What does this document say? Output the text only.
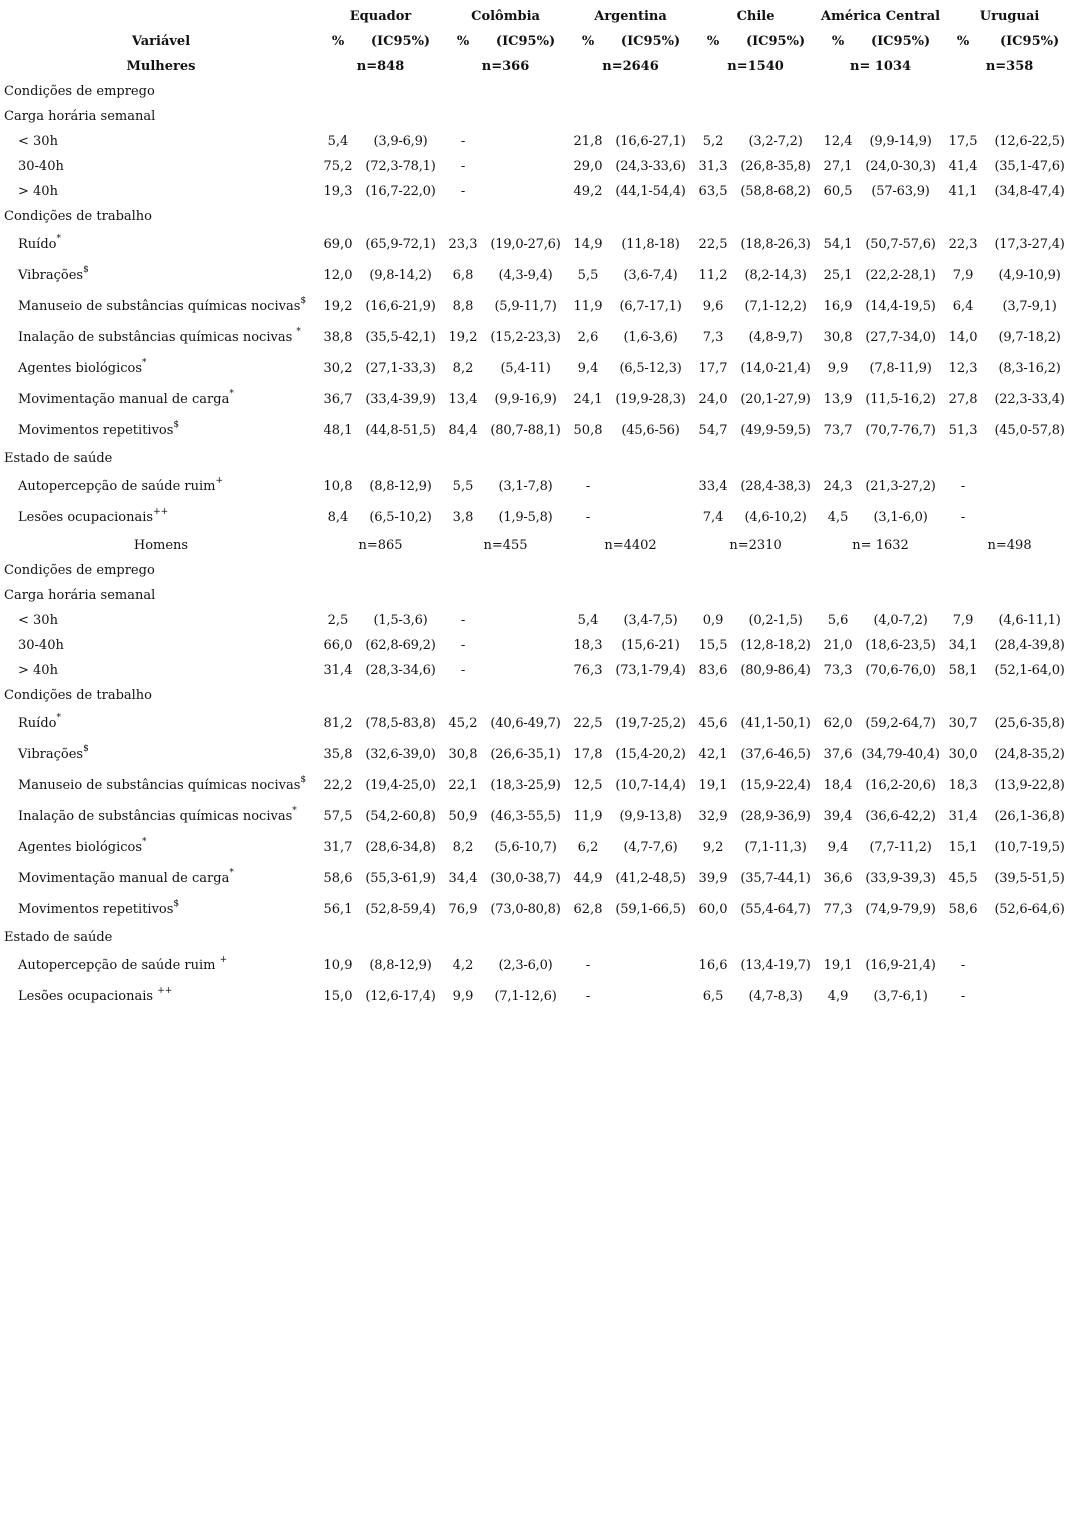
	Equador		Colômbia		Argentina		Chile		América Central		Uruguai	
Variável	%	(IC95%)	%	(IC95%)	%	(IC95%)	%	(IC95%)	%	(IC95%)	%	(IC95%)
Mulheres	n=848		n=366		n=2646		n=1540		n= 1034		n=358	
Condições de emprego												
Carga horária semanal												
< 30h	5,4	(3,9-6,9)	-		21,8	(16,6-27,1)	5,2	(3,2-7,2)	12,4	(9,9-14,9)	17,5	(12,6-22,5)
30-40h	75,2	(72,3-78,1)	-		29,0	(24,3-33,6)	31,3	(26,8-35,8)	27,1	(24,0-30,3)	41,4	(35,1-47,6)
> 40h	19,3	(16,7-22,0)	-		49,2	(44,1-54,4)	63,5	(58,8-68,2)	60,5	(57-63,9)	41,1	(34,8-47,4)
Condições de trabalho												
Ruído*	69,0	(65,9-72,1)	23,3	(19,0-27,6)	14,9	(11,8-18)	22,5	(18,8-26,3)	54,1	(50,7-57,6)	22,3	(17,3-27,4)
Vibrações$	12,0	(9,8-14,2)	6,8	(4,3-9,4)	5,5	(3,6-7,4)	11,2	(8,2-14,3)	25,1	(22,2-28,1)	7,9	(4,9-10,9)
Manuseio de substâncias químicas nocivas$	19,2	(16,6-21,9)	8,8	(5,9-11,7)	11,9	(6,7-17,1)	9,6	(7,1-12,2)	16,9	(14,4-19,5)	6,4	(3,7-9,1)
Inalação de substâncias químicas nocivas *	38,8	(35,5-42,1)	19,2	(15,2-23,3)	2,6	(1,6-3,6)	7,3	(4,8-9,7)	30,8	(27,7-34,0)	14,0	(9,7-18,2)
Agentes biológicos*	30,2	(27,1-33,3)	8,2	(5,4-11)	9,4	(6,5-12,3)	17,7	(14,0-21,4)	9,9	(7,8-11,9)	12,3	(8,3-16,2)
Movimentação manual de carga*	36,7	(33,4-39,9)	13,4	(9,9-16,9)	24,1	(19,9-28,3)	24,0	(20,1-27,9)	13,9	(11,5-16,2)	27,8	(22,3-33,4)
Movimentos repetitivos$	48,1	(44,8-51,5)	84,4	(80,7-88,1)	50,8	(45,6-56)	54,7	(49,9-59,5)	73,7	(70,7-76,7)	51,3	(45,0-57,8)
Estado de saúde												
Autopercepção de saúde ruim+	10,8	(8,8-12,9)	5,5	(3,1-7,8)	-		33,4	(28,4-38,3)	24,3	(21,3-27,2)	-	
Lesões ocupacionais++	8,4	(6,5-10,2)	3,8	(1,9-5,8)	-		7,4	(4,6-10,2)	4,5	(3,1-6,0)	-	
Homens	n=865		n=455		n=4402		n=2310		n= 1632		n=498	
Condições de emprego												
Carga horária semanal												
< 30h	2,5	(1,5-3,6)	-		5,4	(3,4-7,5)	0,9	(0,2-1,5)	5,6	(4,0-7,2)	7,9	(4,6-11,1)
30-40h	66,0	(62,8-69,2)	-		18,3	(15,6-21)	15,5	(12,8-18,2)	21,0	(18,6-23,5)	34,1	(28,4-39,8)
> 40h	31,4	(28,3-34,6)	-		76,3	(73,1-79,4)	83,6	(80,9-86,4)	73,3	(70,6-76,0)	58,1	(52,1-64,0)
Condições de trabalho												
Ruído*	81,2	(78,5-83,8)	45,2	(40,6-49,7)	22,5	(19,7-25,2)	45,6	(41,1-50,1)	62,0	(59,2-64,7)	30,7	(25,6-35,8)
Vibrações$	35,8	(32,6-39,0)	30,8	(26,6-35,1)	17,8	(15,4-20,2)	42,1	(37,6-46,5)	37,6	(34,79-40,4)	30,0	(24,8-35,2)
Manuseio de substâncias químicas nocivas$	22,2	(19,4-25,0)	22,1	(18,3-25,9)	12,5	(10,7-14,4)	19,1	(15,9-22,4)	18,4	(16,2-20,6)	18,3	(13,9-22,8)
Inalação de substâncias químicas nocivas*	57,5	(54,2-60,8)	50,9	(46,3-55,5)	11,9	(9,9-13,8)	32,9	(28,9-36,9)	39,4	(36,6-42,2)	31,4	(26,1-36,8)
Agentes biológicos*	31,7	(28,6-34,8)	8,2	(5,6-10,7)	6,2	(4,7-7,6)	9,2	(7,1-11,3)	9,4	(7,7-11,2)	15,1	(10,7-19,5)
Movimentação manual de carga*	58,6	(55,3-61,9)	34,4	(30,0-38,7)	44,9	(41,2-48,5)	39,9	(35,7-44,1)	36,6	(33,9-39,3)	45,5	(39,5-51,5)
Movimentos repetitivos$	56,1	(52,8-59,4)	76,9	(73,0-80,8)	62,8	(59,1-66,5)	60,0	(55,4-64,7)	77,3	(74,9-79,9)	58,6	(52,6-64,6)
Estado de saúde												
Autopercepção de saúde ruim +	10,9	(8,8-12,9)	4,2	(2,3-6,0)	-		16,6	(13,4-19,7)	19,1	(16,9-21,4)	-	
Lesões ocupacionais ++	15,0	(12,6-17,4)	9,9	(7,1-12,6)	-		6,5	(4,7-8,3)	4,9	(3,7-6,1)	-	
